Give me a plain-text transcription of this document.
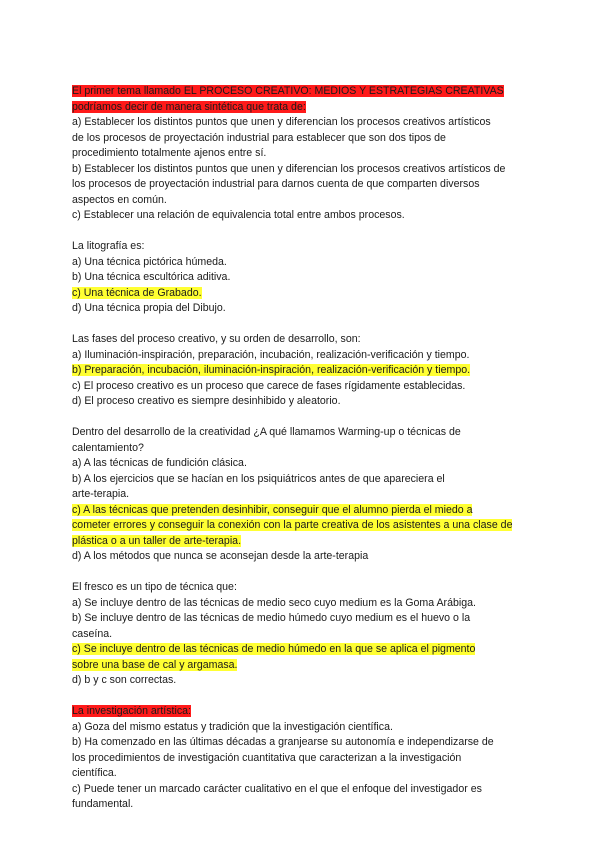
El primer tema llamado EL PROCESO CREATIVO: MEDIOS Y ESTRATEGIAS CREATIVAS
podríamos decir de manera sintética que trata de:
a) Establecer los distintos puntos que unen y diferencian los procesos creativos artísticos
de los procesos de proyectación industrial para establecer que son dos tipos de
procedimiento totalmente ajenos entre sí.
b) Establecer los distintos puntos que unen y diferencian los procesos creativos artísticos de
los procesos de proyectación industrial para darnos cuenta de que comparten diversos
aspectos en común.
c) Establecer una relación de equivalencia total entre ambos procesos.
La litografía es:
a) Una técnica pictórica húmeda.
b) Una técnica escultórica aditiva.
c) Una técnica de Grabado.
d) Una técnica propia del Dibujo.
Las fases del proceso creativo, y su orden de desarrollo, son:
a) Iluminación-inspiración, preparación, incubación, realización-verificación y tiempo.
b) Preparación, incubación, iluminación-inspiración, realización-verificación y tiempo.
c) El proceso creativo es un proceso que carece de fases rígidamente establecidas.
d) El proceso creativo es siempre desinhibido y aleatorio.
Dentro del desarrollo de la creatividad ¿A qué llamamos Warming-up o técnicas de
calentamiento?
a) A las técnicas de fundición clásica.
b) A los ejercicios que se hacían en los psiquiátricos antes de que apareciera el
arte-terapia.
c) A las técnicas que pretenden desinhibir, conseguir que el alumno pierda el miedo a
cometer errores y conseguir la conexión con la parte creativa de los asistentes a una clase de
plástica o a un taller de arte-terapia.
d) A los métodos que nunca se aconsejan desde la arte-terapia
El fresco es un tipo de técnica que:
a) Se incluye dentro de las técnicas de medio seco cuyo medium es la Goma Arábiga.
b) Se incluye dentro de las técnicas de medio húmedo cuyo medium es el huevo o la
caseína.
c) Se incluye dentro de las técnicas de medio húmedo en la que se aplica el pigmento
sobre una base de cal y argamasa.
d) b y c son correctas.
La investigación artística:
a) Goza del mismo estatus y tradición que la investigación científica.
b) Ha comenzado en las últimas décadas a granjearse su autonomía e independizarse de
los procedimientos de investigación cuantitativa que caracterizan a la investigación
científica.
c) Puede tener un marcado carácter cualitativo en el que el enfoque del investigador es
fundamental.
